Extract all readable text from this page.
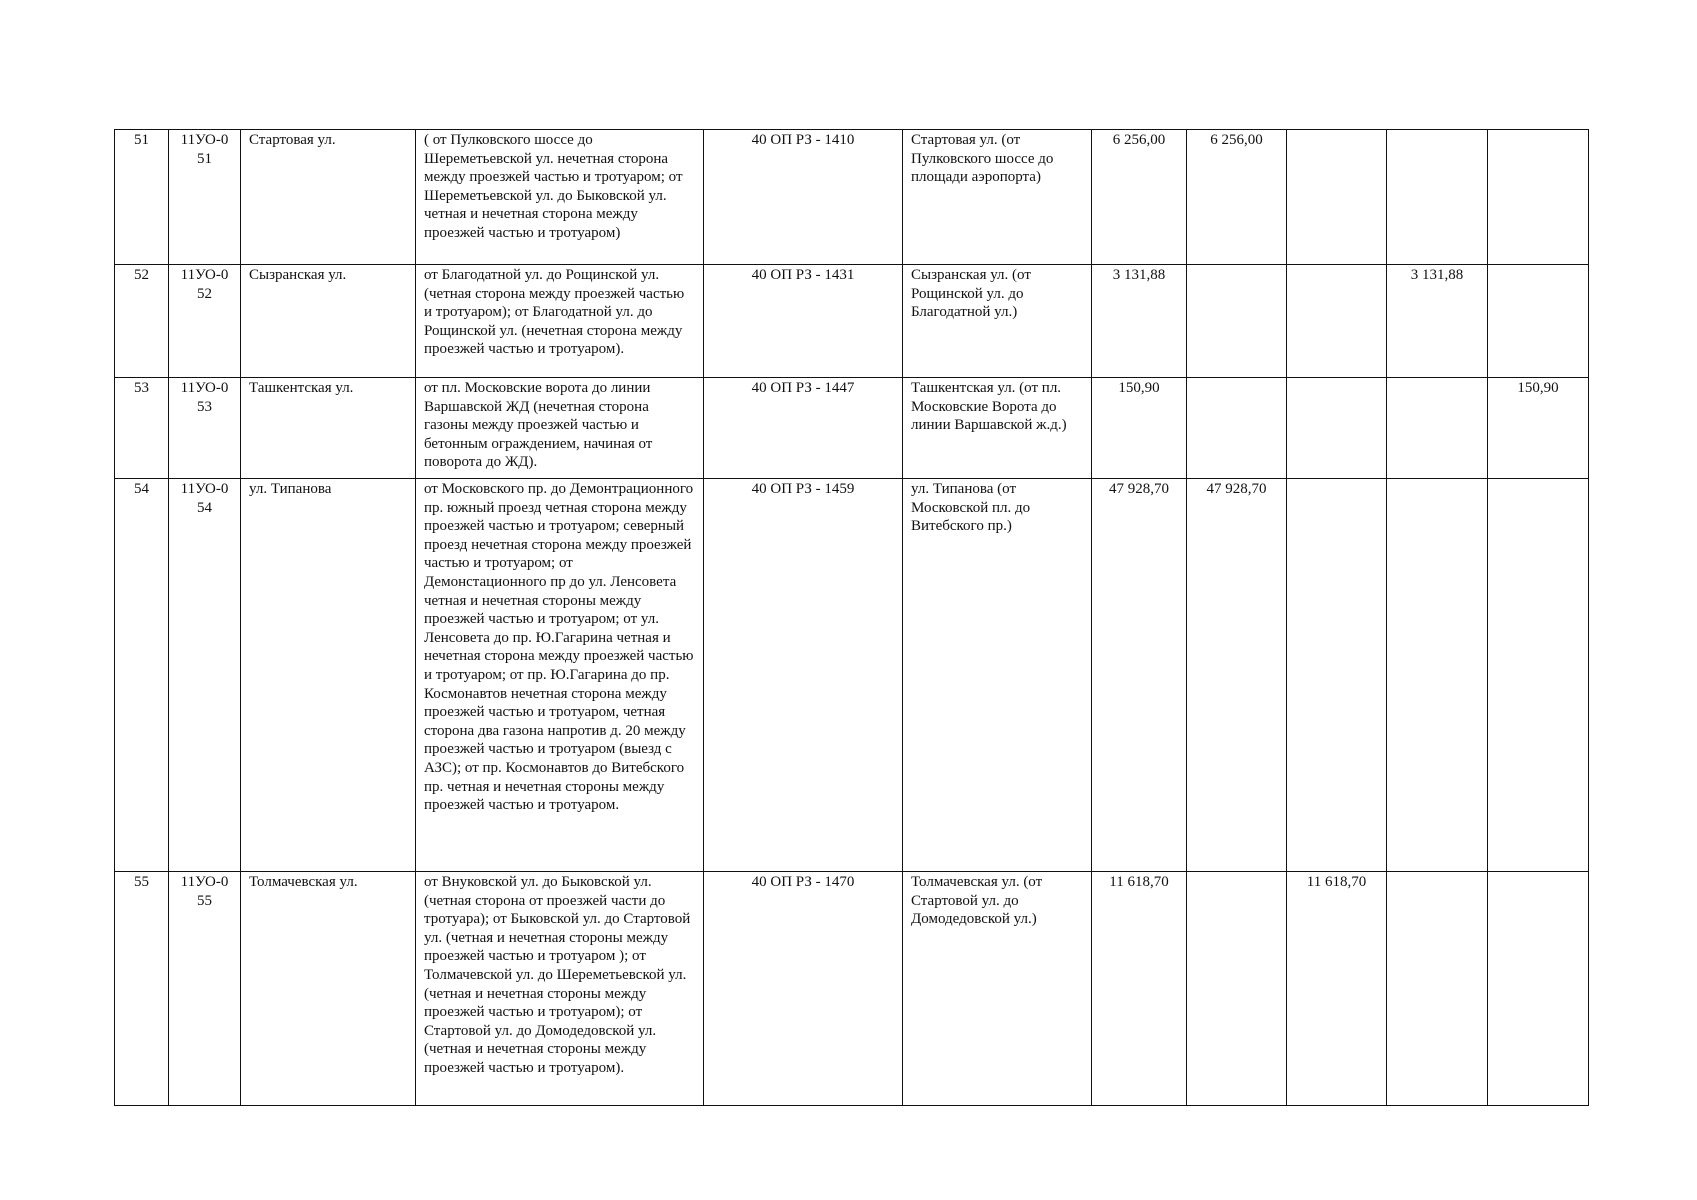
51	11УО-051	Стартовая ул.	( от Пулковского шоссе до Шереметьевской ул. нечетная сторона между проезжей частью и тротуаром; от Шереметьевской ул. до Быковской ул. четная и нечетная сторона между проезжей частью и тротуаром)	40 ОП РЗ - 1410	Стартовая ул. (от Пулковского шоссе до площади аэропорта)	6 256,00	6 256,00			
52	11УО-052	Сызранская ул.	от Благодатной ул. до Рощинской ул. (четная сторона между проезжей частью и тротуаром); от Благодатной ул. до Рощинской ул. (нечетная сторона между проезжей частью и тротуаром).	40 ОП РЗ - 1431	Сызранская ул. (от Рощинской ул. до Благодатной ул.)	3 131,88			3 131,88	
53	11УО-053	Ташкентская ул.	от пл. Московские ворота до линии Варшавской ЖД (нечетная сторона газоны между проезжей частью и бетонным ограждением, начиная от поворота до ЖД).	40 ОП РЗ - 1447	Ташкентская ул. (от пл. Московские Ворота до линии Варшавской ж.д.)	150,90				150,90
54	11УО-054	ул. Типанова	от Московского пр. до Демонтрационного пр. южный проезд четная сторона между проезжей частью и тротуаром; северный проезд нечетная сторона между проезжей частью и тротуаром; от Демонстационного пр до ул. Ленсовета четная и нечетная стороны между проезжей частью и тротуаром; от ул. Ленсовета до пр. Ю.Гагарина четная и нечетная сторона между проезжей частью и тротуаром; от пр. Ю.Гагарина до пр. Космонавтов нечетная сторона между проезжей частью и тротуаром, четная сторона два газона напротив д. 20 между проезжей частью и тротуаром (выезд с АЗС); от пр. Космонавтов до Витебского пр. четная и нечетная стороны между проезжей частью и тротуаром.	40 ОП РЗ - 1459	ул. Типанова (от Московской пл. до Витебского пр.)	47 928,70	47 928,70			
55	11УО-055	Толмачевская ул.	от Внуковской ул. до Быковской ул.(четная сторона от проезжей части до тротуара); от Быковской ул. до Стартовой ул. (четная и нечетная стороны между проезжей частью и тротуаром ); от Толмачевской ул. до Шереметьевской ул. (четная и нечетная стороны между проезжей частью и тротуаром); от Стартовой ул. до Домодедовской ул. (четная и нечетная стороны между проезжей частью и тротуаром).	40 ОП РЗ - 1470	Толмачевская ул. (от Стартовой ул. до Домодедовской ул.)	11 618,70		11 618,70		
